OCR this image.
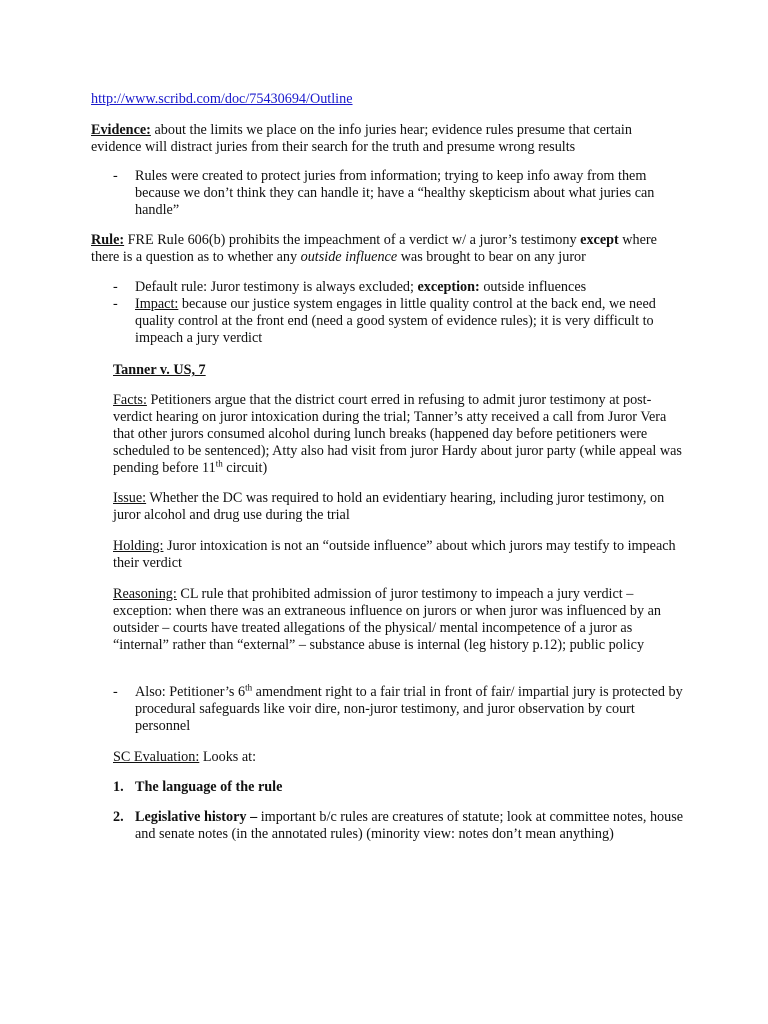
http://www.scribd.com/doc/75430694/Outline

Evidence: about the limits we place on the info juries hear; evidence rules presume that certain evidence will distract juries from their search for the truth and presume wrong results

- Rules were created to protect juries from information; trying to keep info away from them because we don’t think they can handle it; have a “healthy skepticism about what juries can handle”

Rule: FRE Rule 606(b) prohibits the impeachment of a verdict w/ a juror’s testimony except where there is a question as to whether any outside influence was brought to bear on any juror

- Default rule: Juror testimony is always excluded; exception: outside influences
- Impact: because our justice system engages in little quality control at the back end, we need quality control at the front end (need a good system of evidence rules); it is very difficult to impeach a jury verdict

Tanner v. US, 7

Facts: Petitioners argue that the district court erred in refusing to admit juror testimony at post-verdict hearing on juror intoxication during the trial; Tanner’s atty received a call from Juror Vera that other jurors consumed alcohol during lunch breaks (happened day before petitioners were scheduled to be sentenced); Atty also had visit from juror Hardy about juror party (while appeal was pending before 11th circuit)

Issue: Whether the DC was required to hold an evidentiary hearing, including juror testimony, on juror alcohol and drug use during the trial

Holding: Juror intoxication is not an “outside influence” about which jurors may testify to impeach their verdict

Reasoning: CL rule that prohibited admission of juror testimony to impeach a jury verdict – exception: when there was an extraneous influence on jurors or when juror was influenced by an outsider – courts have treated allegations of the physical/ mental incompetence of a juror as “internal” rather than “external” – substance abuse is internal (leg history p.12); public policy

- Also: Petitioner’s 6th amendment right to a fair trial in front of fair/ impartial jury is protected by procedural safeguards like voir dire, non-juror testimony, and juror observation by court personnel

SC Evaluation: Looks at:

1. The language of the rule
2. Legislative history – important b/c rules are creatures of statute; look at committee notes, house and senate notes (in the annotated rules) (minority view: notes don’t mean anything)
